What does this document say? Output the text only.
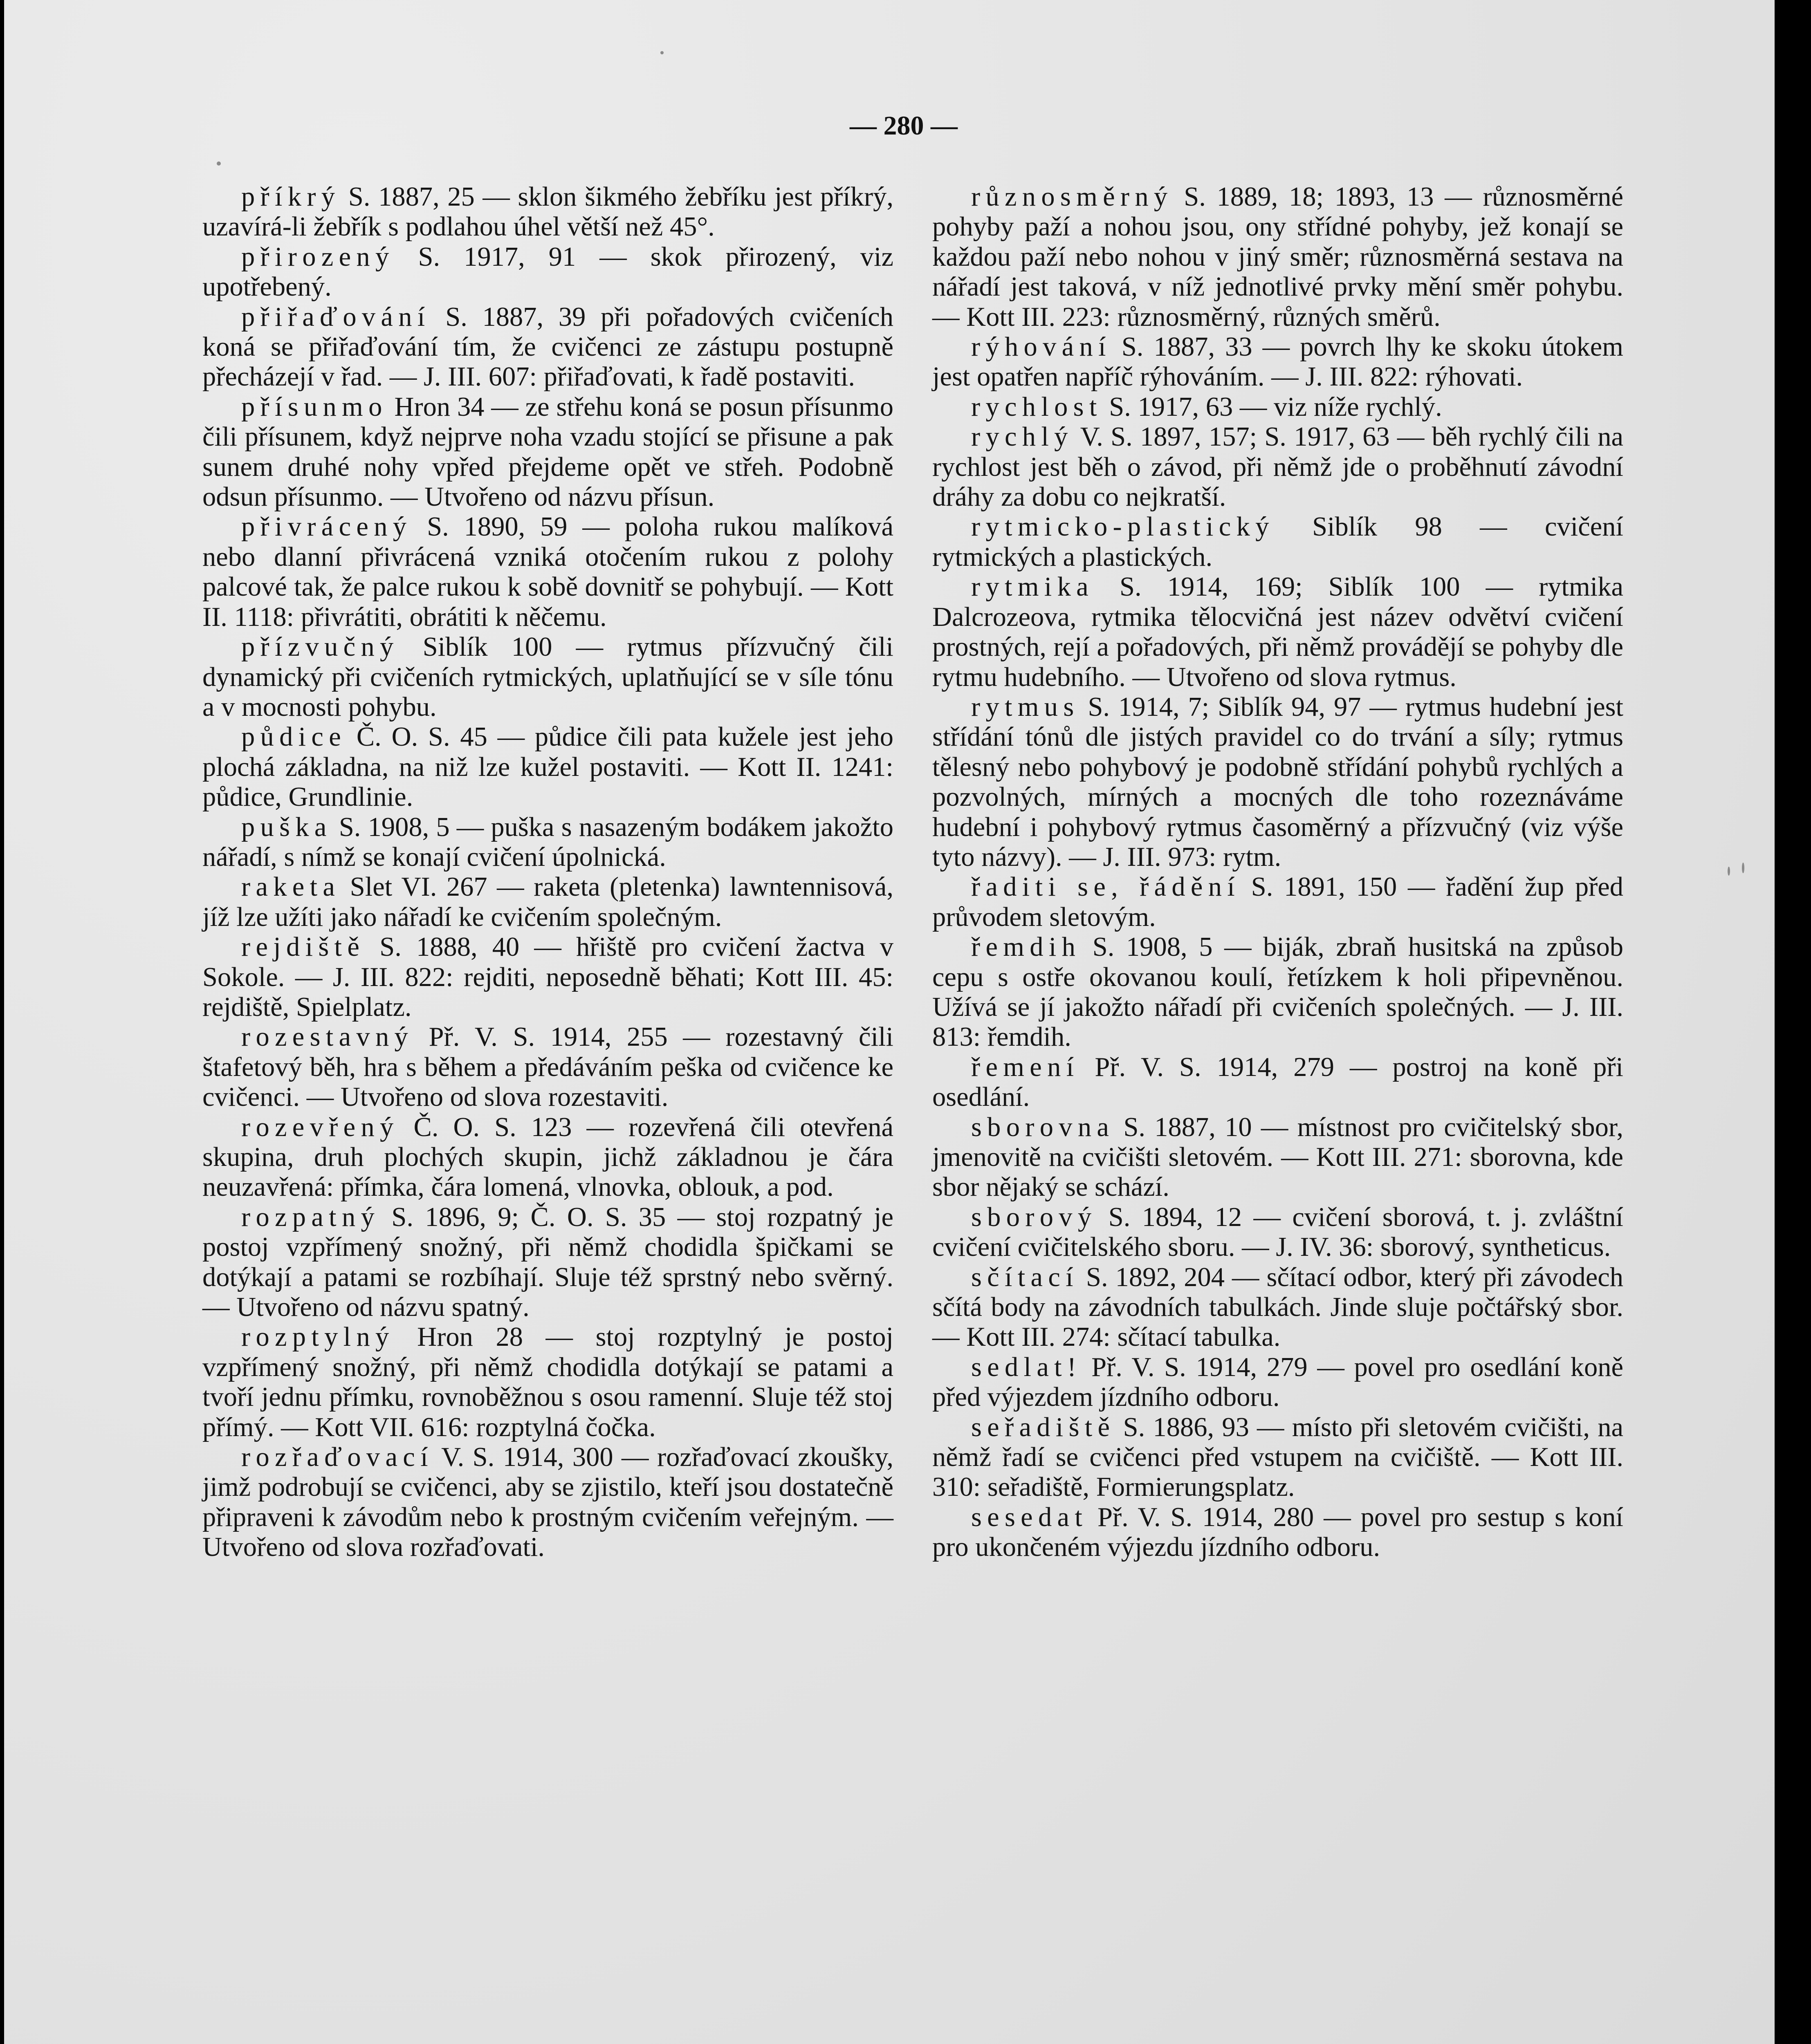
— 280 —

příkrý S. 1887, 25 — sklon šikmého žebříku jest příkrý, uzavírá-li žebřík s podlahou úhel větší než 45°.

přirozený S. 1917, 91 — skok přirozený, viz upotřebený.

přiřaďování S. 1887, 39 při pořadových cvičeních koná se přiřaďování tím, že cvičenci ze zástupu postupně přecházejí v řad. — J. III. 607: přiřaďovati, k řadě postaviti.

přísunmo Hron 34 — ze střehu koná se posun přísunmo čili přísunem, když nejprve noha vzadu stojící se přisune a pak sunem druhé nohy vpřed přejdeme opět ve střeh. Podobně odsun přísunmo. — Utvořeno od názvu přísun.

přivrácený S. 1890, 59 — poloha rukou malíková nebo dlanní přivrácená vzniká otočením rukou z polohy palcové tak, že palce rukou k sobě dovnitř se pohybují. — Kott II. 1118: přivrátiti, obrátiti k něčemu.

přízvučný Siblík 100 — rytmus přízvučný čili dynamický při cvičeních rytmických, uplatňující se v síle tónu a v mocnosti pohybu.

půdice Č. O. S. 45 — půdice čili pata kužele jest jeho plochá základna, na niž lze kužel postaviti. — Kott II. 1241: půdice, Grundlinie.

puška S. 1908, 5 — puška s nasazeným bodákem jakožto nářadí, s nímž se konají cvičení úpolnická.

raketa Slet VI. 267 — raketa (pletenka) lawntennisová, jíž lze užíti jako nářadí ke cvičením společným.

rejdiště S. 1888, 40 — hřiště pro cvičení žactva v Sokole. — J. III. 822: rejditi, neposedně běhati; Kott III. 45: rejdiště, Spielplatz.

rozestavný Př. V. S. 1914, 255 — rozestavný čili štafetový běh, hra s během a předáváním peška od cvičence ke cvičenci. — Utvořeno od slova rozestaviti.

rozevřený Č. O. S. 123 — rozevřená čili otevřená skupina, druh plochých skupin, jichž základnou je čára neuzavřená: přímka, čára lomená, vlnovka, oblouk, a pod.

rozpatný S. 1896, 9; Č. O. S. 35 — stoj rozpatný je postoj vzpřímený snožný, při němž chodidla špičkami se dotýkají a patami se rozbíhají. Sluje též sprstný nebo svěrný. — Utvořeno od názvu spatný.

rozptylný Hron 28 — stoj rozptylný je postoj vzpřímený snožný, při němž chodidla dotýkají se patami a tvoří jednu přímku, rovnoběžnou s osou ramenní. Sluje též stoj přímý. — Kott VII. 616: rozptylná čočka.

rozřaďovací V. S. 1914, 300 — rozřaďovací zkoušky, jimž podrobují se cvičenci, aby se zjistilo, kteří jsou dostatečně připraveni k závodům nebo k prostným cvičením veřejným. — Utvořeno od slova rozřaďovati.

různosměrný S. 1889, 18; 1893, 13 — různosměrné pohyby paží a nohou jsou, ony střídné pohyby, jež konají se každou paží nebo nohou v jiný směr; různosměrná sestava na nářadí jest taková, v níž jednotlivé prvky mění směr pohybu. — Kott III. 223: různosměrný, různých směrů.

rýhování S. 1887, 33 — povrch lhy ke skoku útokem jest opatřen napříč rýhováním. — J. III. 822: rýhovati.

rychlost S. 1917, 63 — viz níže rychlý.

rychlý V. S. 1897, 157; S. 1917, 63 — běh rychlý čili na rychlost jest běh o závod, při němž jde o proběhnutí závodní dráhy za dobu co nejkratší.

rytmicko-plastický Siblík 98 — cvičení rytmických a plastických.

rytmika S. 1914, 169; Siblík 100 — rytmika Dalcrozeova, rytmika tělocvičná jest název odvětví cvičení prostných, rejí a pořadových, při němž provádějí se pohyby dle rytmu hudebního. — Utvořeno od slova rytmus.

rytmus S. 1914, 7; Siblík 94, 97 — rytmus hudební jest střídání tónů dle jistých pravidel co do trvání a síly; rytmus tělesný nebo pohybový je podobně střídání pohybů rychlých a pozvolných, mírných a mocných dle toho rozeznáváme hudební i pohybový rytmus časoměrný a přízvučný (viz výše tyto názvy). — J. III. 973: rytm.

řaditi se, řádění S. 1891, 150 — řadění žup před průvodem sletovým.

řemdih S. 1908, 5 — biják, zbraň husitská na způsob cepu s ostře okovanou koulí, řetízkem k holi připevněnou. Užívá se jí jakožto nářadí při cvičeních společných. — J. III. 813: řemdih.

řemení Př. V. S. 1914, 279 — postroj na koně při osedlání.

sborovna S. 1887, 10 — místnost pro cvičitelský sbor, jmenovitě na cvičišti sletovém. — Kott III. 271: sborovna, kde sbor nějaký se schází.

sborový S. 1894, 12 — cvičení sborová, t. j. zvláštní cvičení cvičitelského sboru. — J. IV. 36: sborový, syntheticus.

sčítací S. 1892, 204 — sčítací odbor, který při závodech sčítá body na závodních tabulkách. Jinde sluje počtářský sbor. — Kott III. 274: sčítací tabulka.

sedlat! Př. V. S. 1914, 279 — povel pro osedlání koně před výjezdem jízdního odboru.

seřadiště S. 1886, 93 — místo při sletovém cvičišti, na němž řadí se cvičenci před vstupem na cvičiště. — Kott III. 310: seřadiště, Formierungsplatz.

sesedat Př. V. S. 1914, 280 — povel pro sestup s koní pro ukončeném výjezdu jízdního odboru.
